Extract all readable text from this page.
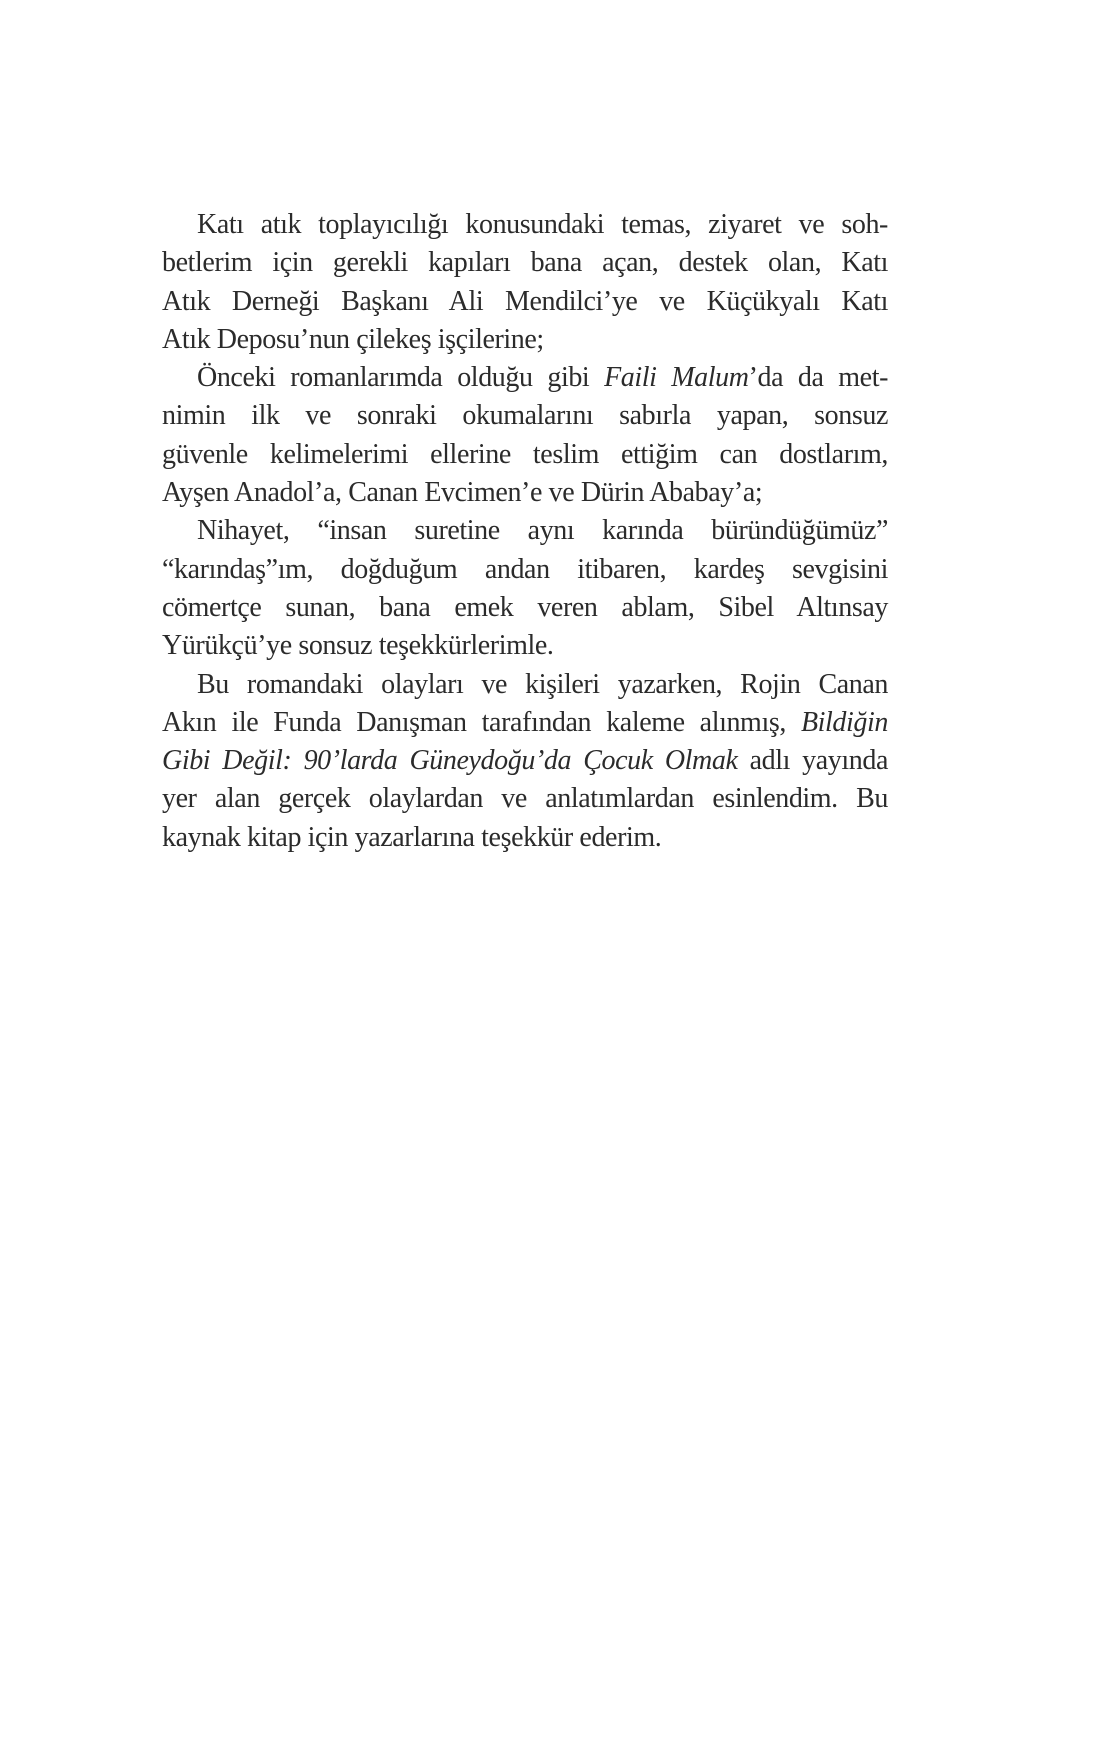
Katı atık toplayıcılığı konusundaki temas, ziyaret ve soh-
betlerim için gerekli kapıları bana açan, destek olan, Katı
Atık Derneği Başkanı Ali Mendilci’ye ve Küçükyalı Katı
Atık Deposu’nun çilekeş işçilerine;
Önceki romanlarımda olduğu gibi Faili Malum’da da met-
nimin ilk ve sonraki okumalarını sabırla yapan, sonsuz
güvenle kelimelerimi ellerine teslim ettiğim can dostlarım,
Ayşen Anadol’a, Canan Evcimen’e ve Dürin Ababay’a;
Nihayet, “insan suretine aynı karında büründüğümüz”
“karındaş”ım, doğduğum andan itibaren, kardeş sevgisini
cömertçe sunan, bana emek veren ablam, Sibel Altınsay
Yürükçü’ye sonsuz teşekkürlerimle.
Bu romandaki olayları ve kişileri yazarken, Rojin Canan
Akın ile Funda Danışman tarafından kaleme alınmış, Bildiğin
Gibi Değil: 90’larda Güneydoğu’da Çocuk Olmak adlı yayında
yer alan gerçek olaylardan ve anlatımlardan esinlendim. Bu
kaynak kitap için yazarlarına teşekkür ederim.
